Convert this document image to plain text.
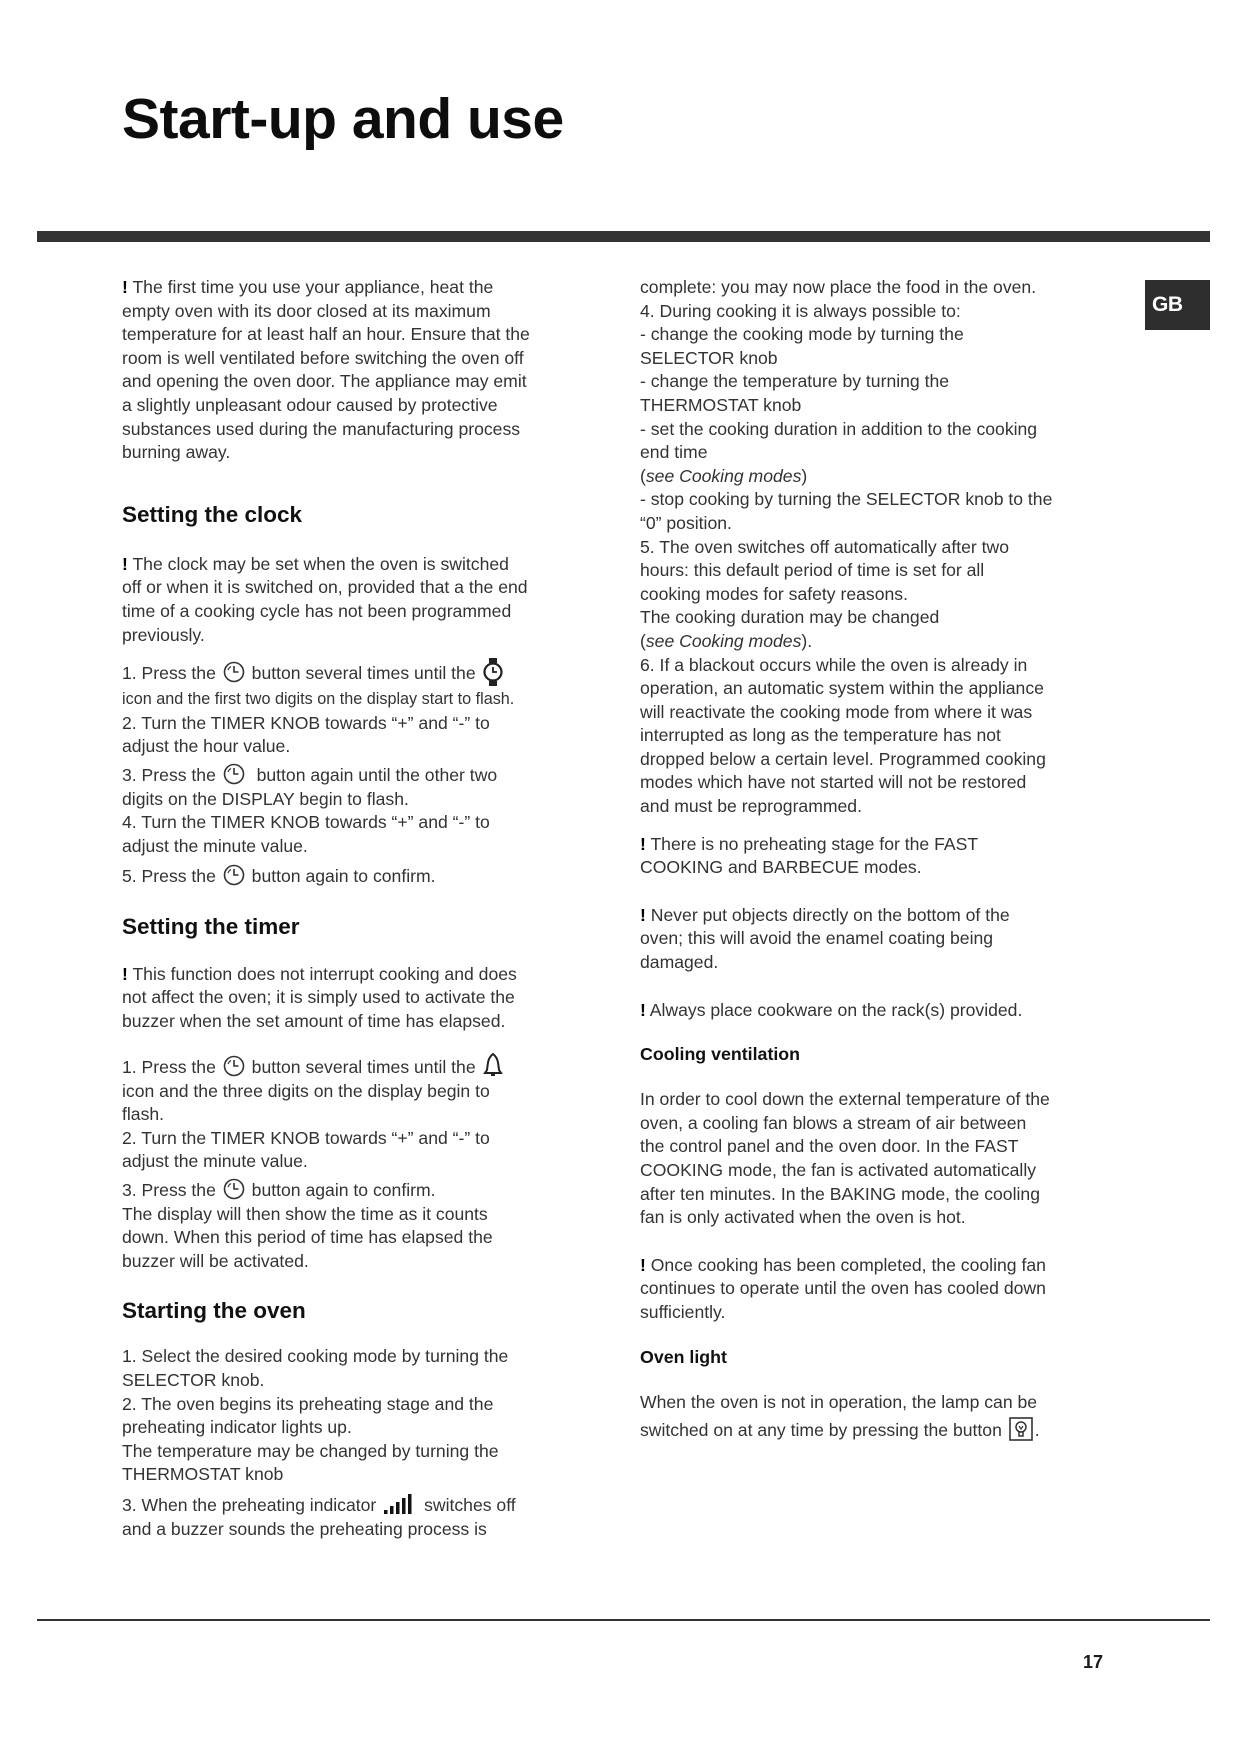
Start-up and use
GB

! The first time you use your appliance, heat the
empty oven with its door closed at its maximum
temperature for at least half an hour. Ensure that the
room is well ventilated before switching the oven off
and opening the oven door. The appliance may emit
a slightly unpleasant odour caused by protective
substances used during the manufacturing process
burning away.

Setting the clock

! The clock may be set when the oven is switched
off or when it is switched on, provided that a the end
time of a cooking cycle has not been programmed
previously.

1. Press the button several times until the
icon and the first two digits on the display start to flash.
2. Turn the TIMER KNOB towards “+” and “-” to
adjust the hour value.

3. Press the button again until the other two
digits on the DISPLAY begin to flash.
4. Turn the TIMER KNOB towards “+” and “-” to
adjust the minute value.

5. Press the button again to confirm.

Setting the timer

! This function does not interrupt cooking and does
not affect the oven; it is simply used to activate the
buzzer when the set amount of time has elapsed.

1. Press the button several times until the
icon and the three digits on the display begin to
flash.
2. Turn the TIMER KNOB towards “+” and “-” to
adjust the minute value.

3. Press the button again to confirm.
The display will then show the time as it counts
down. When this period of time has elapsed the
buzzer will be activated.

Starting the oven

1. Select the desired cooking mode by turning the
SELECTOR knob.
2. The oven begins its preheating stage and the
preheating indicator lights up.
The temperature may be changed by turning the
THERMOSTAT knob

3. When the preheating indicator	switches off
and a buzzer sounds the preheating process is

complete: you may now place the food in the oven.
4. During cooking it is always possible to:
- change the cooking mode by turning the
SELECTOR knob
- change the temperature by turning the
THERMOSTAT knob
- set the cooking duration in addition to the cooking
end time
(see Cooking modes)
- stop cooking by turning the SELECTOR knob to the
“0” position.
5. The oven switches off automatically after two
hours: this default period of time is set for all
cooking modes for safety reasons.
The cooking duration may be changed
(see Cooking modes).
6. If a blackout occurs while the oven is already in
operation, an automatic system within the appliance
will reactivate the cooking mode from where it was
interrupted as long as the temperature has not
dropped below a certain level. Programmed cooking
modes which have not started will not be restored
and must be reprogrammed.

! There is no preheating stage for the FAST
COOKING and BARBECUE modes.

! Never put objects directly on the bottom of the
oven; this will avoid the enamel coating being
damaged.

! Always place cookware on the rack(s) provided.

Cooling ventilation

In order to cool down the external temperature of the
oven, a cooling fan blows a stream of air between
the control panel and the oven door. In the FAST
COOKING mode, the fan is activated automatically
after ten minutes. In the BAKING mode, the cooling
fan is only activated when the oven is hot.

! Once cooking has been completed, the cooling fan
continues to operate until the oven has cooled down
sufficiently.

Oven light

When the oven is not in operation, the lamp can be
switched on at any time by pressing the button .

17
